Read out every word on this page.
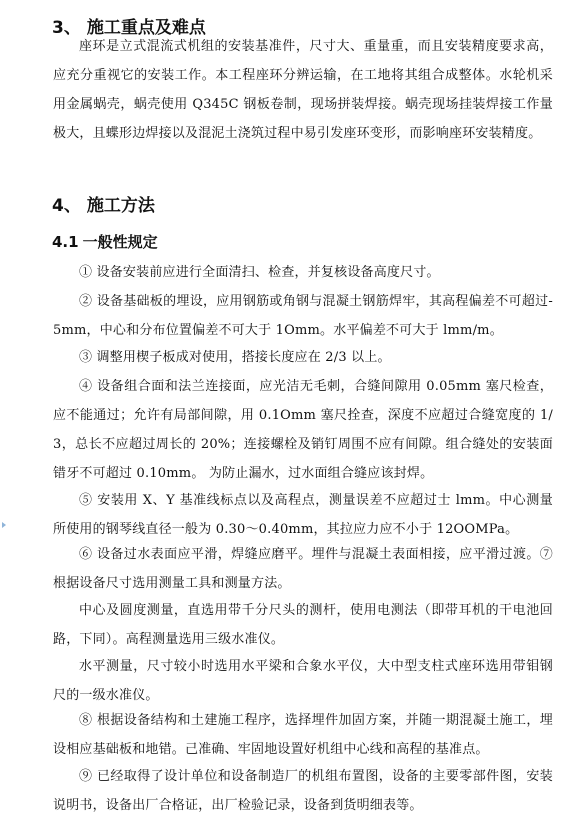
3、 施工重点及难点

座环是立式混流式机组的安装基准件，尺寸大、重量重，而且安装精度要求高，应充分重视它的安装工作。本工程座环分辨运输，在工地将其组合成整体。水轮机采用金属蜗壳，蜗壳使用 Q345C 钢板卷制，现场拼装焊接。蜗壳现场挂装焊接工作量极大，且蝶形边焊接以及混泥土浇筑过程中易引发座环变形，而影响座环安装精度。

4、 施工方法
4.1 一般性规定

① 设备安装前应进行全面清扫、检查，并复核设备高度尺寸。

② 设备基础板的埋设，应用钢筋或角钢与混凝土钢筋焊牢，其高程偏差不可超过-5mm，中心和分布位置偏差不可大于 1Omm。水平偏差不可大于 lmm/m。

③ 调整用楔子板成对使用，搭接长度应在 2/3 以上。

④ 设备组合面和法兰连接面，应光洁无毛刺，合缝间隙用 0.05mm 塞尺检查，应不能通过；允许有局部间隙，用 0.1Omm 塞尺拴查，深度不应超过合缝宽度的 1/3，总长不应超过周长的 20%；连接螺栓及销钉周围不应有间隙。组合缝处的安装面错牙不可超过 0.10mm。 为防止漏水，过水面组合缝应该封焊。

⑤ 安装用 X、Y 基准线标点以及高程点，测量误差不应超过士 lmm。中心测量所使用的钢琴线直径一般为 0.30～0.40mm，其拉应力应不小于 12OOMPa。

⑥ 设备过水表面应平滑，焊缝应磨平。埋件与混凝土表面相接，应平滑过渡。⑦ 根据设备尺寸选用测量工具和测量方法。

中心及圆度测量，直选用带千分尺头的测杆，使用电测法（即带耳机的干电池回路，下同）。高程测量选用三级水准仪。

水平测量，尺寸较小时选用水平梁和合象水平仪，大中型支柱式座环选用带钼钢尺的一级水准仪。

⑧ 根据设备结构和土建施工程序，选择埋件加固方案，并随一期混凝土施工，埋设相应基础板和地错。己准确、牢固地设置好机组中心线和高程的基准点。

⑨ 已经取得了设计单位和设备制造厂的机组布置图，设备的主要零部件图，安装说明书，设备出厂合格证，出厂检验记录，设备到货明细表等。
